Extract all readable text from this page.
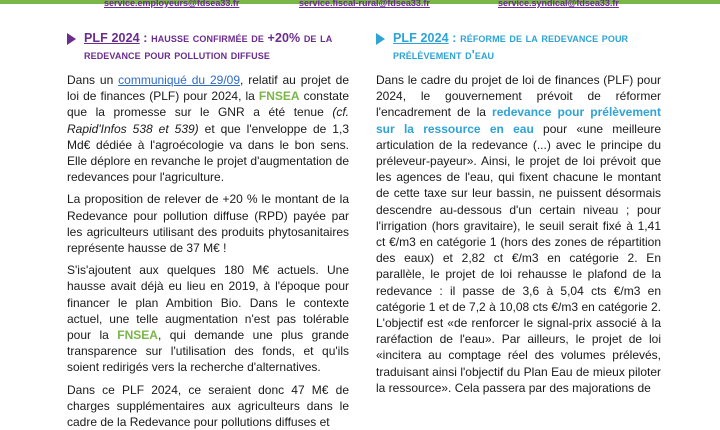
service.employeurs@fdsea33.fr	service.fiscal-rural@fdsea33.fr	service.syndical@fdsea33.fr
PLF 2024 : hausse confirmée de +20% de la redevance pour pollution diffuse

Dans un communiqué du 29/09, relatif au projet de loi de finances (PLF) pour 2024, la FNSEA constate que la promesse sur le GNR a été tenue (cf. Rapid'Infos 538 et 539) et que l'enveloppe de 1,3 Md€ dédiée à l'agroécologie va dans le bon sens. Elle déplore en revanche le projet d'augmentation de redevances pour l'agriculture.

La proposition de relever de +20 % le montant de la Redevance pour pollution diffuse (RPD) payée par les agriculteurs utilisant des produits phytosanitaires représente hausse de 37 M€ !

S'is'ajoutent aux quelques 180 M€ actuels. Une hausse avait déjà eu lieu en 2019, à l'époque pour financer le plan Ambition Bio. Dans le contexte actuel, une telle augmentation n'est pas tolérable pour la FNSEA, qui demande une plus grande transparence sur l'utilisation des fonds, et qu'ils soient redirigés vers la recherche d'alternatives.

Dans ce PLF 2024, ce seraient donc 47 M€ de charges supplémentaires aux agriculteurs dans le cadre de la Redevance pour pollutions diffuses et

PLF 2024 : réforme de la redevance pour prélèvement d'eau

Dans le cadre du projet de loi de finances (PLF) pour 2024, le gouvernement prévoit de réformer l'encadrement de la redevance pour prélèvement sur la ressource en eau pour «une meilleure articulation de la redevance (...) avec le principe du préleveur-payeur». Ainsi, le projet de loi prévoit que les agences de l'eau, qui fixent chacune le montant de cette taxe sur leur bassin, ne puissent désormais descendre au-dessous d'un certain niveau ; pour l'irrigation (hors gravitaire), le seuil serait fixé à 1,41 ct €/m3 en catégorie 1 (hors des zones de répartition des eaux) et 2,82 ct €/m3 en catégorie 2. En parallèle, le projet de loi rehausse le plafond de la redevance : il passe de 3,6 à 5,04 cts €/m3 en catégorie 1 et de 7,2 à 10,08 cts €/m3 en catégorie 2. L'objectif est «de renforcer le signal-prix associé à la raréfaction de l'eau». Par ailleurs, le projet de loi «incitera au comptage réel des volumes prélevés, traduisant ainsi l'objectif du Plan Eau de mieux piloter la ressource». Cela passera par des majorations de
